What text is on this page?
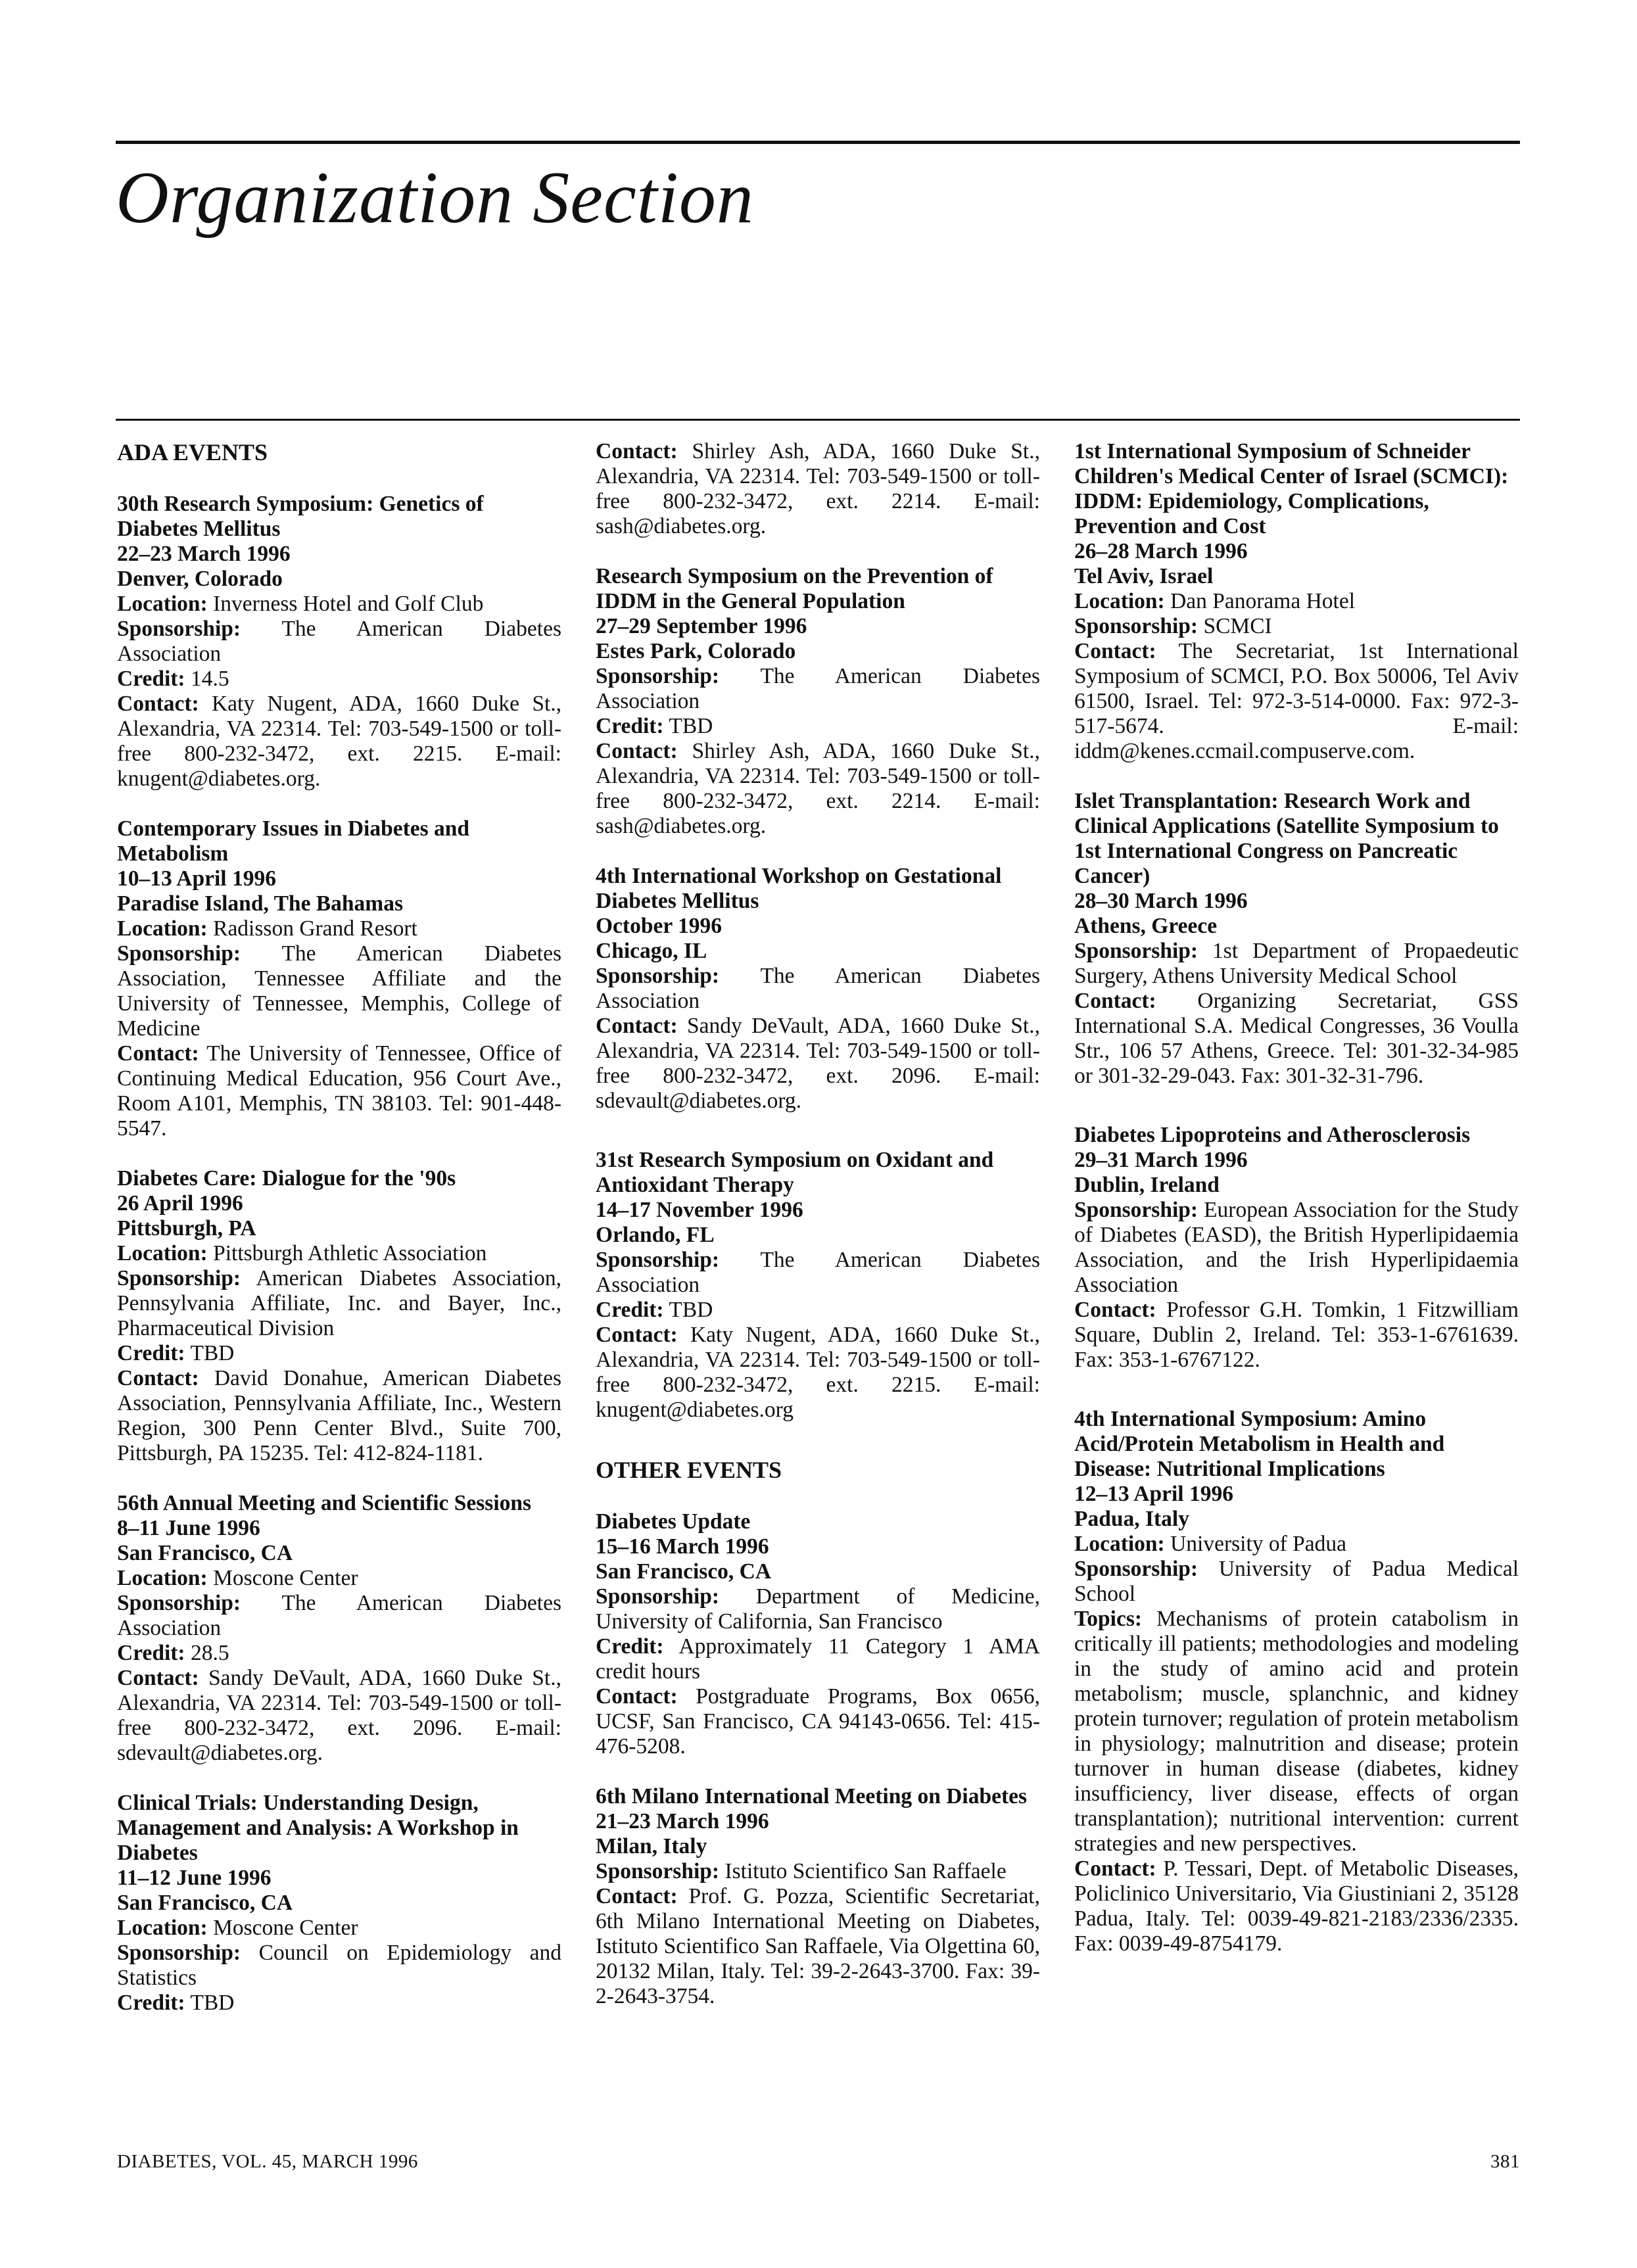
Organization Section
ADA EVENTS
30th Research Symposium: Genetics of Diabetes Mellitus
22–23 March 1996
Denver, Colorado
Location: Inverness Hotel and Golf Club
Sponsorship: The American Diabetes Association
Credit: 14.5
Contact: Katy Nugent, ADA, 1660 Duke St., Alexandria, VA 22314. Tel: 703-549-1500 or toll-free 800-232-3472, ext. 2215. E-mail: knugent@diabetes.org.
Contemporary Issues in Diabetes and Metabolism
10–13 April 1996
Paradise Island, The Bahamas
Location: Radisson Grand Resort
Sponsorship: The American Diabetes Association, Tennessee Affiliate and the University of Tennessee, Memphis, College of Medicine
Contact: The University of Tennessee, Office of Continuing Medical Education, 956 Court Ave., Room A101, Memphis, TN 38103. Tel: 901-448-5547.
Diabetes Care: Dialogue for the '90s
26 April 1996
Pittsburgh, PA
Location: Pittsburgh Athletic Association
Sponsorship: American Diabetes Association, Pennsylvania Affiliate, Inc. and Bayer, Inc., Pharmaceutical Division
Credit: TBD
Contact: David Donahue, American Diabetes Association, Pennsylvania Affiliate, Inc., Western Region, 300 Penn Center Blvd., Suite 700, Pittsburgh, PA 15235. Tel: 412-824-1181.
56th Annual Meeting and Scientific Sessions
8–11 June 1996
San Francisco, CA
Location: Moscone Center
Sponsorship: The American Diabetes Association
Credit: 28.5
Contact: Sandy DeVault, ADA, 1660 Duke St., Alexandria, VA 22314. Tel: 703-549-1500 or toll-free 800-232-3472, ext. 2096. E-mail: sdevault@diabetes.org.
Clinical Trials: Understanding Design, Management and Analysis: A Workshop in Diabetes
11–12 June 1996
San Francisco, CA
Location: Moscone Center
Sponsorship: Council on Epidemiology and Statistics
Credit: TBD
Contact: Shirley Ash, ADA, 1660 Duke St., Alexandria, VA 22314. Tel: 703-549-1500 or toll-free 800-232-3472, ext. 2214. E-mail: sash@diabetes.org.
Research Symposium on the Prevention of IDDM in the General Population
27–29 September 1996
Estes Park, Colorado
Sponsorship: The American Diabetes Association
Credit: TBD
Contact: Shirley Ash, ADA, 1660 Duke St., Alexandria, VA 22314. Tel: 703-549-1500 or toll-free 800-232-3472, ext. 2214. E-mail: sash@diabetes.org.
4th International Workshop on Gestational Diabetes Mellitus
October 1996
Chicago, IL
Sponsorship: The American Diabetes Association
Contact: Sandy DeVault, ADA, 1660 Duke St., Alexandria, VA 22314. Tel: 703-549-1500 or toll-free 800-232-3472, ext. 2096. E-mail: sdevault@diabetes.org.
31st Research Symposium on Oxidant and Antioxidant Therapy
14–17 November 1996
Orlando, FL
Sponsorship: The American Diabetes Association
Credit: TBD
Contact: Katy Nugent, ADA, 1660 Duke St., Alexandria, VA 22314. Tel: 703-549-1500 or toll-free 800-232-3472, ext. 2215. E-mail: knugent@diabetes.org
OTHER EVENTS
Diabetes Update
15–16 March 1996
San Francisco, CA
Sponsorship: Department of Medicine, University of California, San Francisco
Credit: Approximately 11 Category 1 AMA credit hours
Contact: Postgraduate Programs, Box 0656, UCSF, San Francisco, CA 94143-0656. Tel: 415-476-5208.
6th Milano International Meeting on Diabetes
21–23 March 1996
Milan, Italy
Sponsorship: Istituto Scientifico San Raffaele
Contact: Prof. G. Pozza, Scientific Secretariat, 6th Milano International Meeting on Diabetes, Istituto Scientifico San Raffaele, Via Olgettina 60, 20132 Milan, Italy. Tel: 39-2-2643-3700. Fax: 39-2-2643-3754.
1st International Symposium of Schneider Children's Medical Center of Israel (SCMCI): IDDM: Epidemiology, Complications, Prevention and Cost
26–28 March 1996
Tel Aviv, Israel
Location: Dan Panorama Hotel
Sponsorship: SCMCI
Contact: The Secretariat, 1st International Symposium of SCMCI, P.O. Box 50006, Tel Aviv 61500, Israel. Tel: 972-3-514-0000. Fax: 972-3-517-5674. E-mail: iddm@kenes.ccmail.compuserve.com.
Islet Transplantation: Research Work and Clinical Applications (Satellite Symposium to 1st International Congress on Pancreatic Cancer)
28–30 March 1996
Athens, Greece
Sponsorship: 1st Department of Propaedeutic Surgery, Athens University Medical School
Contact: Organizing Secretariat, GSS International S.A. Medical Congresses, 36 Voulla Str., 106 57 Athens, Greece. Tel: 301-32-34-985 or 301-32-29-043. Fax: 301-32-31-796.
Diabetes Lipoproteins and Atherosclerosis
29–31 March 1996
Dublin, Ireland
Sponsorship: European Association for the Study of Diabetes (EASD), the British Hyperlipidaemia Association, and the Irish Hyperlipidaemia Association
Contact: Professor G.H. Tomkin, 1 Fitzwilliam Square, Dublin 2, Ireland. Tel: 353-1-6761639. Fax: 353-1-6767122.
4th International Symposium: Amino Acid/Protein Metabolism in Health and Disease: Nutritional Implications
12–13 April 1996
Padua, Italy
Location: University of Padua
Sponsorship: University of Padua Medical School
Topics: Mechanisms of protein catabolism in critically ill patients; methodologies and modeling in the study of amino acid and protein metabolism; muscle, splanchnic, and kidney protein turnover; regulation of protein metabolism in physiology; malnutrition and disease; protein turnover in human disease (diabetes, kidney insufficiency, liver disease, effects of organ transplantation); nutritional intervention: current strategies and new perspectives.
Contact: P. Tessari, Dept. of Metabolic Diseases, Policlinico Universitario, Via Giustiniani 2, 35128 Padua, Italy. Tel: 0039-49-821-2183/2336/2335. Fax: 0039-49-8754179.
DIABETES, VOL. 45, MARCH 1996	381
